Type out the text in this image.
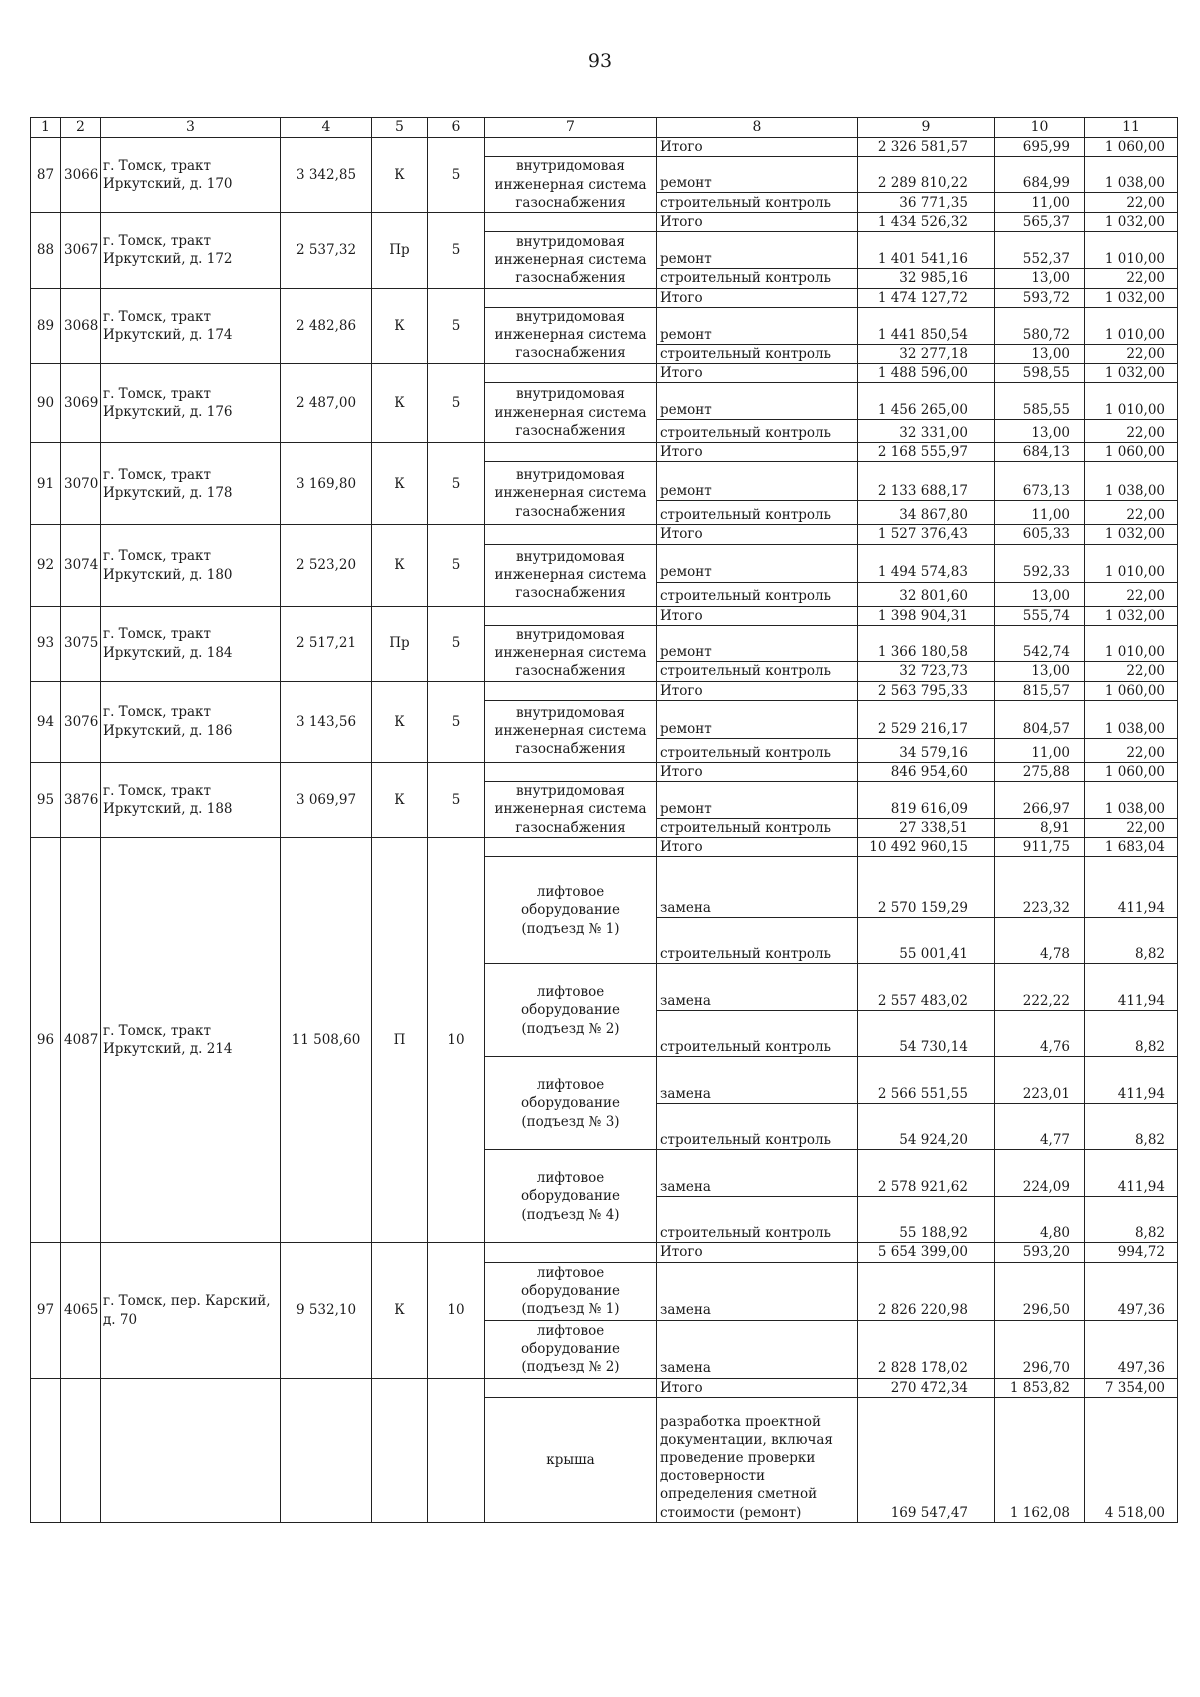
93
1	2	3	4	5	6	7	8	9	10	11
87	3066	г. Томск, тракт Иркутский, д. 170	3 342,85	К	5		Итого	2 326 581,57	695,99	1 060,00
						внутридомовая инженерная система газоснабжения	ремонт	2 289 810,22	684,99	1 038,00
							строительный контроль	36 771,35	11,00	22,00
88	3067	г. Томск, тракт Иркутский, д. 172	2 537,32	Пр	5		Итого	1 434 526,32	565,37	1 032,00
						внутридомовая инженерная система газоснабжения	ремонт	1 401 541,16	552,37	1 010,00
							строительный контроль	32 985,16	13,00	22,00
89	3068	г. Томск, тракт Иркутский, д. 174	2 482,86	К	5		Итого	1 474 127,72	593,72	1 032,00
						внутридомовая инженерная система газоснабжения	ремонт	1 441 850,54	580,72	1 010,00
							строительный контроль	32 277,18	13,00	22,00
90	3069	г. Томск, тракт Иркутский, д. 176	2 487,00	К	5		Итого	1 488 596,00	598,55	1 032,00
						внутридомовая инженерная система газоснабжения	ремонт	1 456 265,00	585,55	1 010,00
							строительный контроль	32 331,00	13,00	22,00
91	3070	г. Томск, тракт Иркутский, д. 178	3 169,80	К	5		Итого	2 168 555,97	684,13	1 060,00
						внутридомовая инженерная система газоснабжения	ремонт	2 133 688,17	673,13	1 038,00
							строительный контроль	34 867,80	11,00	22,00
92	3074	г. Томск, тракт Иркутский, д. 180	2 523,20	К	5		Итого	1 527 376,43	605,33	1 032,00
						внутридомовая инженерная система газоснабжения	ремонт	1 494 574,83	592,33	1 010,00
							строительный контроль	32 801,60	13,00	22,00
93	3075	г. Томск, тракт Иркутский, д. 184	2 517,21	Пр	5		Итого	1 398 904,31	555,74	1 032,00
						внутридомовая инженерная система газоснабжения	ремонт	1 366 180,58	542,74	1 010,00
							строительный контроль	32 723,73	13,00	22,00
94	3076	г. Томск, тракт Иркутский, д. 186	3 143,56	К	5		Итого	2 563 795,33	815,57	1 060,00
						внутридомовая инженерная система газоснабжения	ремонт	2 529 216,17	804,57	1 038,00
							строительный контроль	34 579,16	11,00	22,00
95	3876	г. Томск, тракт Иркутский, д. 188	3 069,97	К	5		Итого	846 954,60	275,88	1 060,00
						внутридомовая инженерная система газоснабжения	ремонт	819 616,09	266,97	1 038,00
							строительный контроль	27 338,51	8,91	22,00
96	4087	г. Томск, тракт Иркутский, д. 214	11 508,60	П	10		Итого	10 492 960,15	911,75	1 683,04
						лифтовое оборудование (подъезд № 1)	замена	2 570 159,29	223,32	411,94
							строительный контроль	55 001,41	4,78	8,82
						лифтовое оборудование (подъезд № 2)	замена	2 557 483,02	222,22	411,94
							строительный контроль	54 730,14	4,76	8,82
						лифтовое оборудование (подъезд № 3)	замена	2 566 551,55	223,01	411,94
							строительный контроль	54 924,20	4,77	8,82
						лифтовое оборудование (подъезд № 4)	замена	2 578 921,62	224,09	411,94
							строительный контроль	55 188,92	4,80	8,82
97	4065	г. Томск, пер. Карский, д. 70	9 532,10	К	10		Итого	5 654 399,00	593,20	994,72
						лифтовое оборудование (подъезд № 1)	замена	2 826 220,98	296,50	497,36
						лифтовое оборудование (подъезд № 2)	замена	2 828 178,02	296,70	497,36
							Итого	270 472,34	1 853,82	7 354,00
						крыша	разработка проектной документации, включая проведение проверки достоверности определения сметной стоимости (ремонт)	169 547,47	1 162,08	4 518,00
